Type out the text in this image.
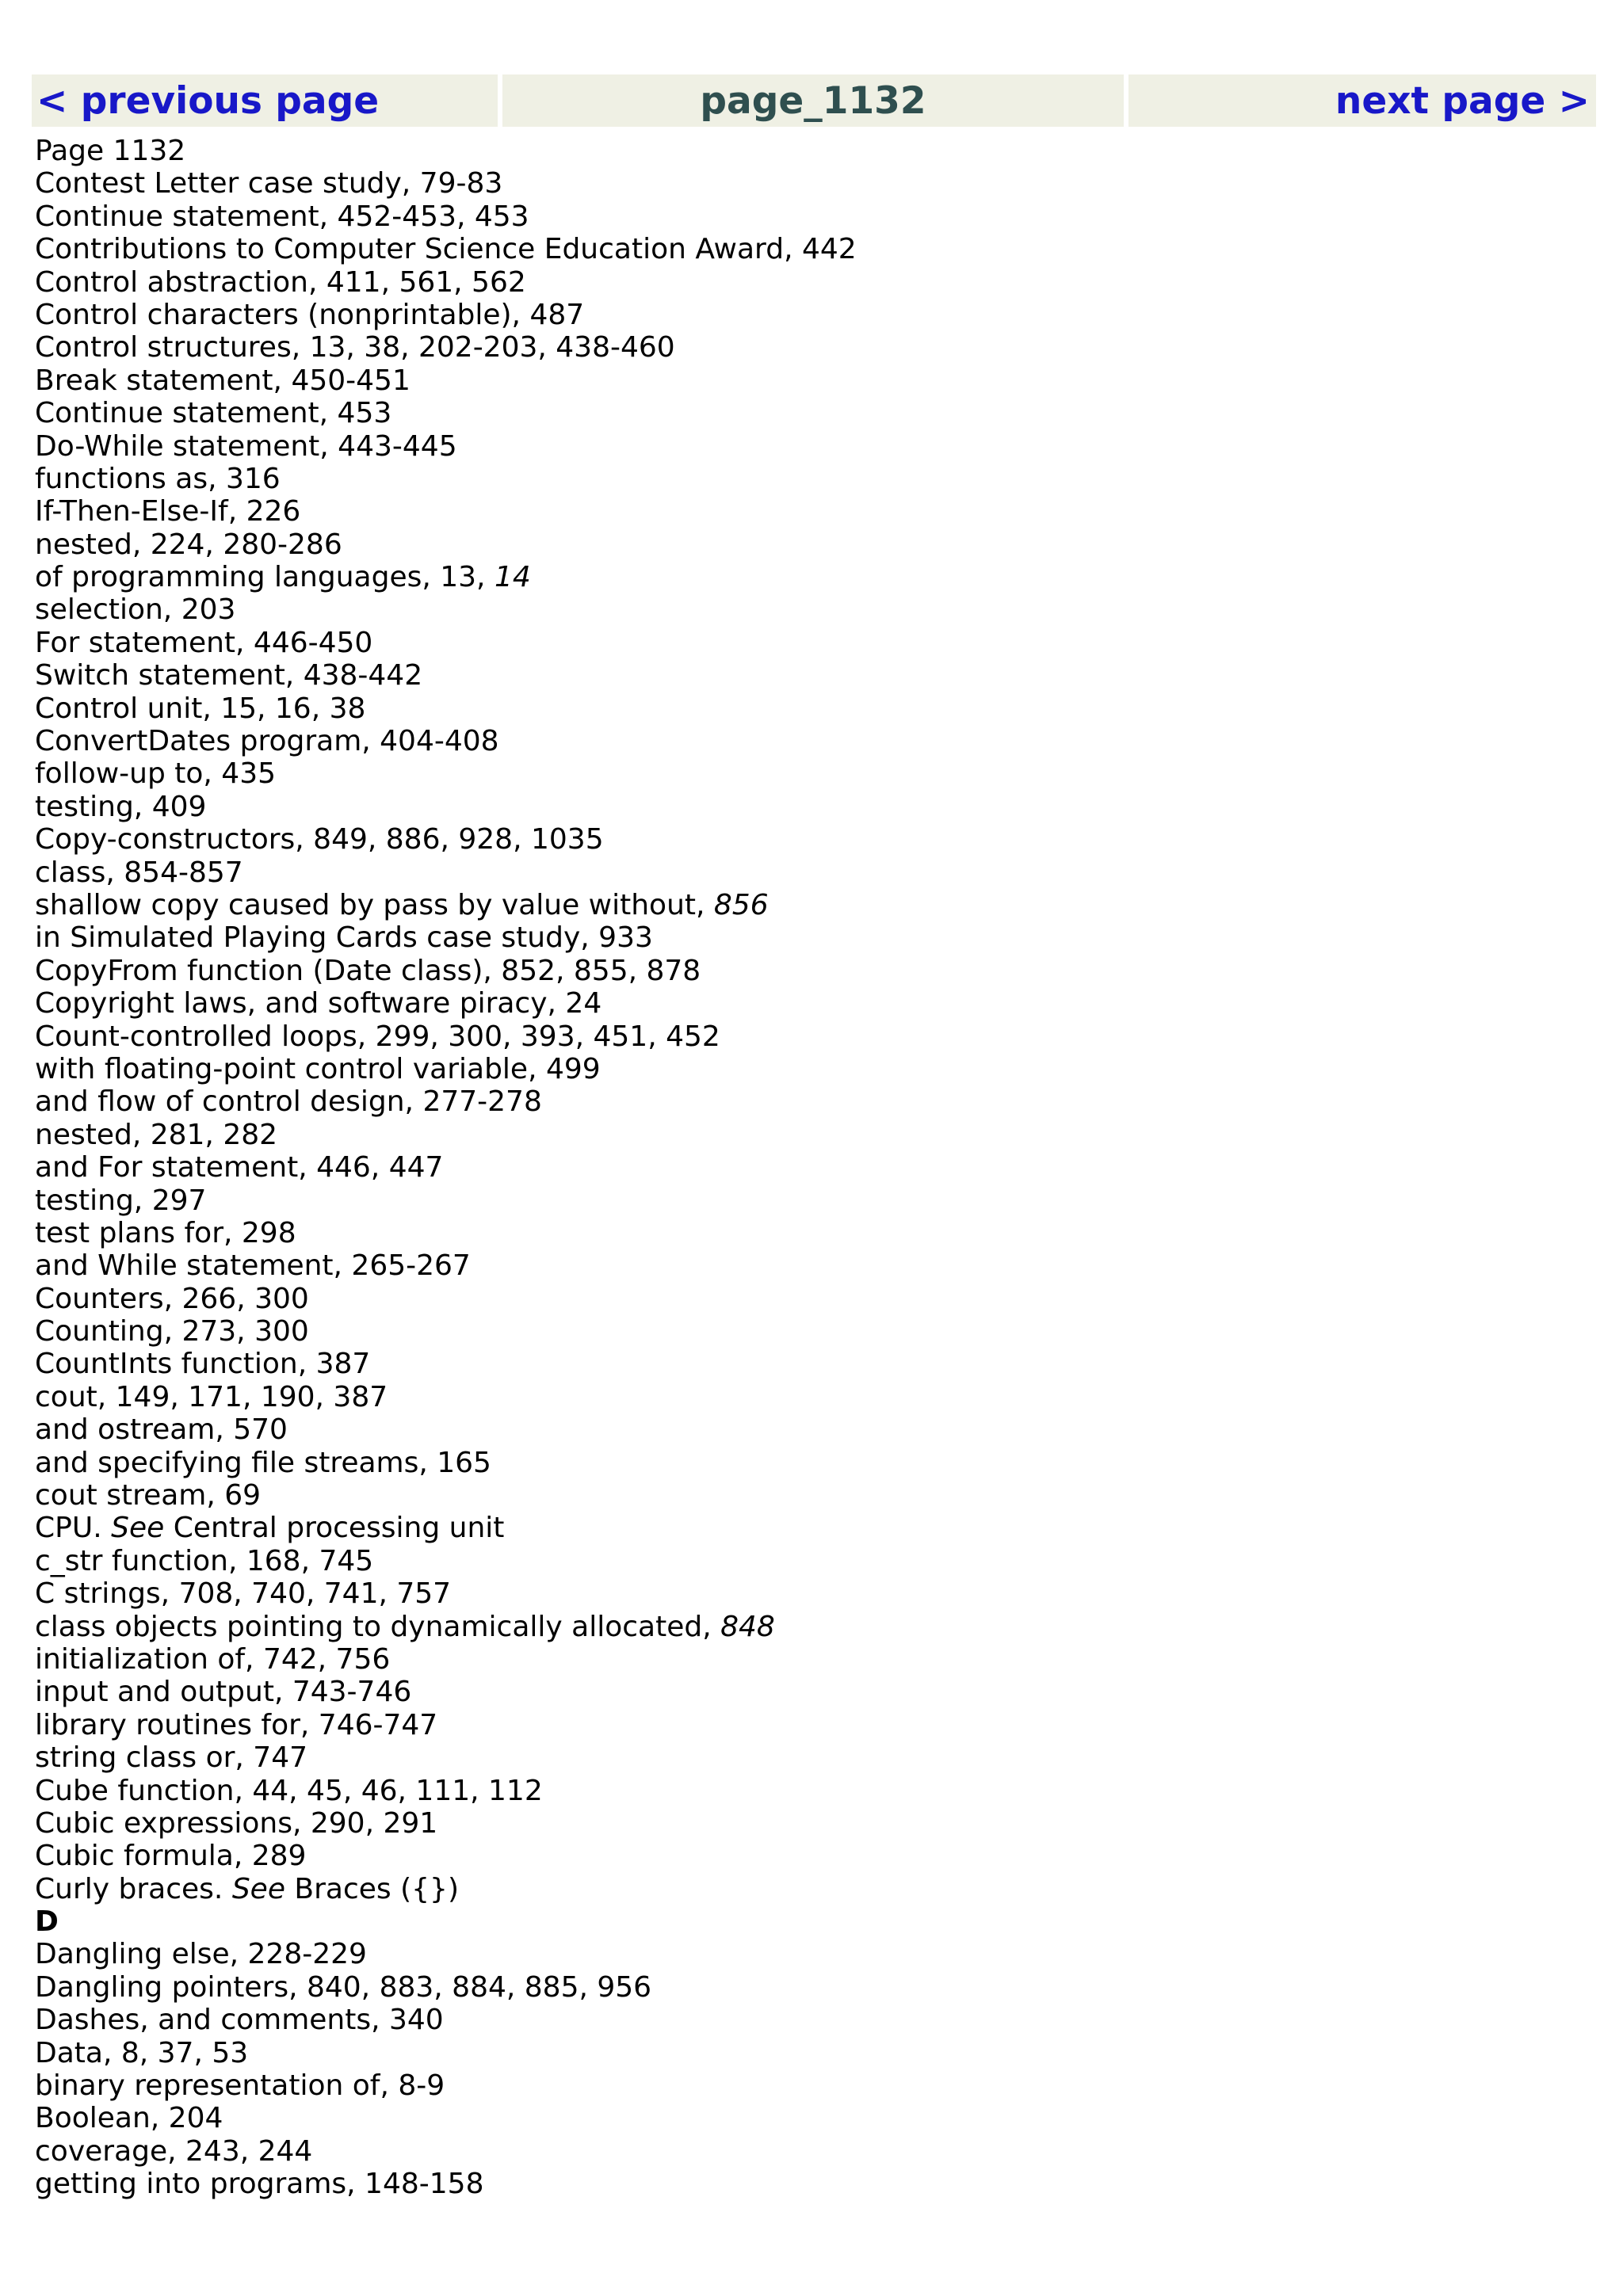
< previous page	page_1132	next page >
Page 1132
Contest Letter case study, 79-83
Continue statement, 452-453, 453
Contributions to Computer Science Education Award, 442
Control abstraction, 411, 561, 562
Control characters (nonprintable), 487
Control structures, 13, 38, 202-203, 438-460
Break statement, 450-451
Continue statement, 453
Do-While statement, 443-445
functions as, 316
If-Then-Else-If, 226
nested, 224, 280-286
of programming languages, 13, 14
selection, 203
For statement, 446-450
Switch statement, 438-442
Control unit, 15, 16, 38
ConvertDates program, 404-408
follow-up to, 435
testing, 409
Copy-constructors, 849, 886, 928, 1035
class, 854-857
shallow copy caused by pass by value without, 856
in Simulated Playing Cards case study, 933
CopyFrom function (Date class), 852, 855, 878
Copyright laws, and software piracy, 24
Count-controlled loops, 299, 300, 393, 451, 452
with floating-point control variable, 499
and flow of control design, 277-278
nested, 281, 282
and For statement, 446, 447
testing, 297
test plans for, 298
and While statement, 265-267
Counters, 266, 300
Counting, 273, 300
CountInts function, 387
cout, 149, 171, 190, 387
and ostream, 570
and specifying file streams, 165
cout stream, 69
CPU. See Central processing unit
c_str function, 168, 745
C strings, 708, 740, 741, 757
class objects pointing to dynamically allocated, 848
initialization of, 742, 756
input and output, 743-746
library routines for, 746-747
string class or, 747
Cube function, 44, 45, 46, 111, 112
Cubic expressions, 290, 291
Cubic formula, 289
Curly braces. See Braces ({})
D
Dangling else, 228-229
Dangling pointers, 840, 883, 884, 885, 956
Dashes, and comments, 340
Data, 8, 37, 53
binary representation of, 8-9
Boolean, 204
coverage, 243, 244
getting into programs, 148-158
